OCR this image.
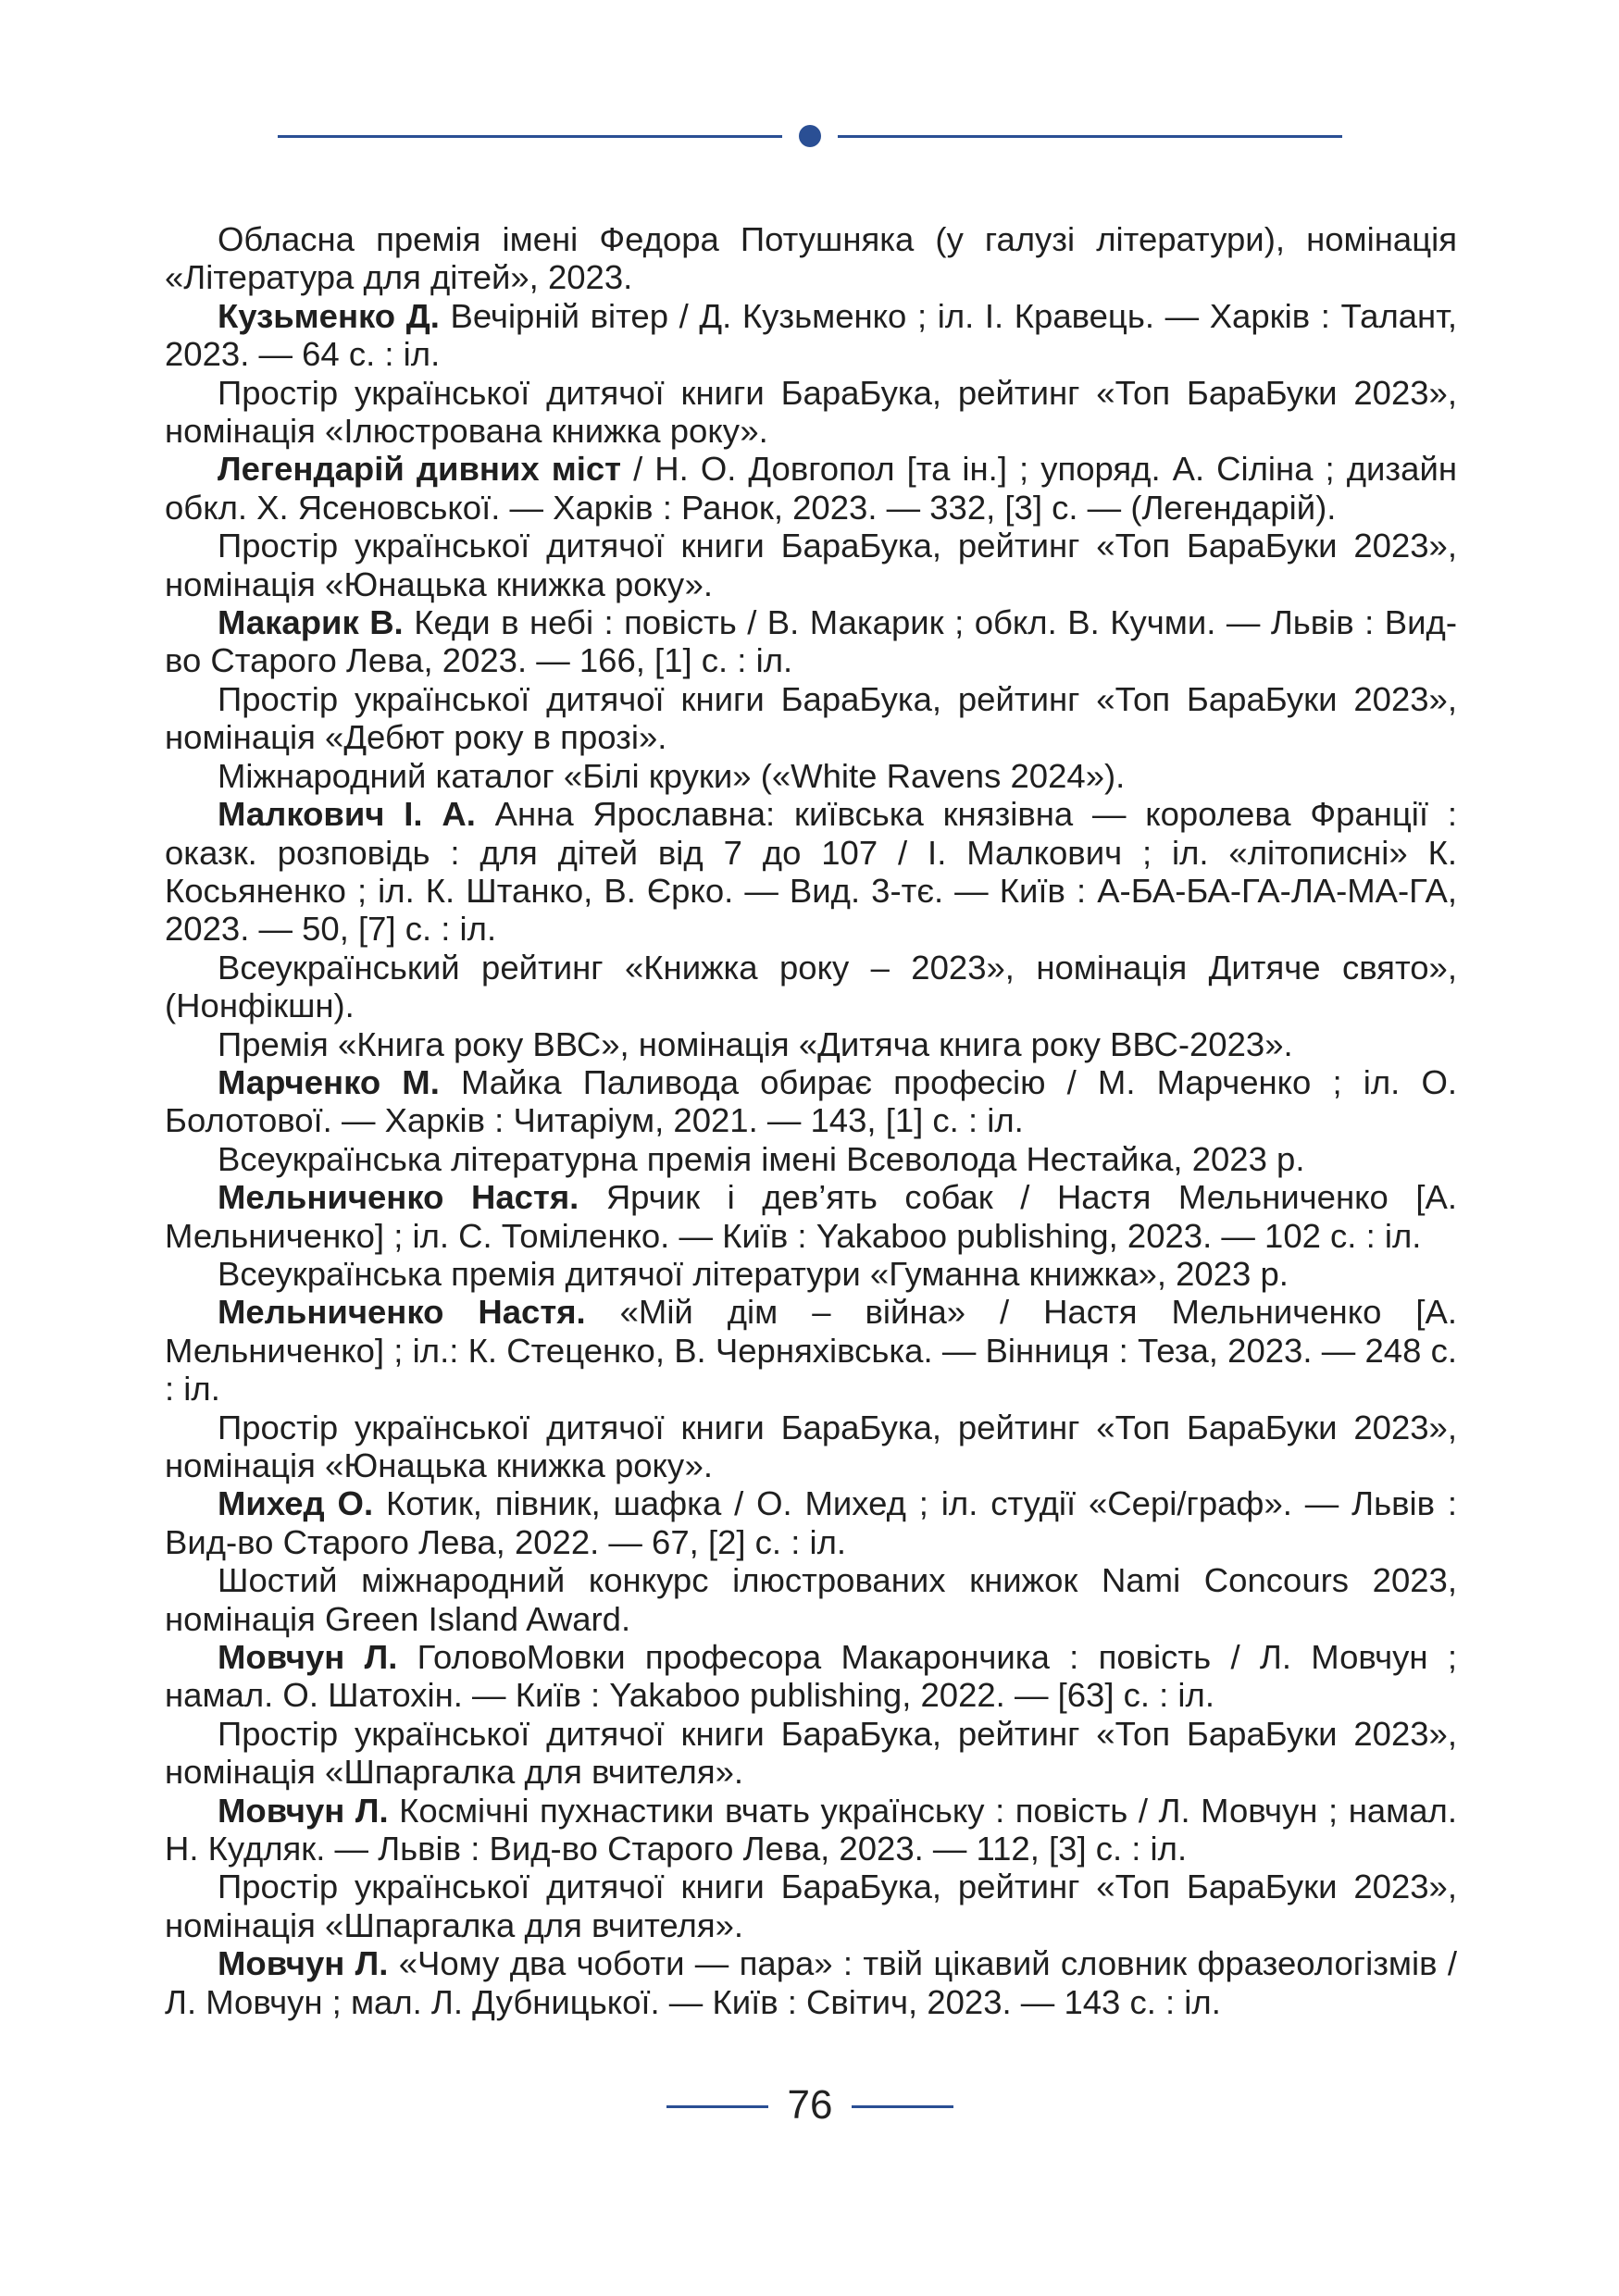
Обласна премія імені Федора Потушняка (у галузі літератури), номінація «Література для дітей», 2023.

Кузьменко Д. Вечірній вітер / Д. Кузьменко ; іл. І. Кравець. — Харків : Талант, 2023. — 64 с. : іл.

Простір української дитячої книги БараБука, рейтинг «Топ БараБуки 2023», номінація «Ілюстрована книжка року».

Легендарій дивних міст / Н. О. Довгопол [та ін.] ; упоряд. А. Сіліна ; дизайн обкл. Х. Ясеновської. — Харків : Ранок, 2023. — 332, [3] с. — (Легендарій).

Простір української дитячої книги БараБука, рейтинг «Топ БараБуки 2023», номінація «Юнацька книжка року».

Макарик В. Кеди в небі : повість / В. Макарик ; обкл. В. Кучми. — Львів : Вид-во Старого Лева, 2023. — 166, [1] с. : іл.

Простір української дитячої книги БараБука, рейтинг «Топ БараБуки 2023», номінація «Дебют року в прозі».

Міжнародний каталог «Білі круки» («White Ravens 2024»).

Малкович І. А. Анна Ярославна: київська князівна — королева Франції : оказк. розповідь : для дітей від 7 до 107 / І. Малкович ; іл. «літописні» К. Косьяненко ; іл. К. Штанко, В. Єрко. — Вид. 3-тє. — Київ : А-БА-БА-ГА-ЛА-МА-ГА, 2023. — 50, [7] с. : іл.

Всеукраїнський рейтинг «Книжка року – 2023», номінація Дитяче свято», (Нонфікшн).

Премія «Книга року ВВС», номінація «Дитяча книга року ВВС-2023».

Марченко М. Майка Паливода обирає професію / М. Марченко ; іл. О. Болотової. — Харків : Читаріум, 2021. — 143, [1] с. : іл.

Всеукраїнська літературна премія імені Всеволода Нестайка, 2023 р.

Мельниченко Настя. Ярчик і дев’ять собак / Настя Мельниченко [А. Мельниченко] ; іл. С. Томіленко. — Київ : Yakaboo publishing, 2023. — 102 с. : іл.

Всеукраїнська премія дитячої літератури «Гуманна книжка», 2023 р.

Мельниченко Настя. «Мій дім – війна» / Настя Мельниченко [А. Мельниченко] ; іл.: К. Стеценко, В. Черняхівська. — Вінниця : Теза, 2023. — 248 с. : іл.

Простір української дитячої книги БараБука, рейтинг «Топ БараБуки 2023», номінація «Юнацька книжка року».

Михед О. Котик, півник, шафка / О. Михед ; іл. студії «Сері/граф». — Львів : Вид-во Старого Лева, 2022. — 67, [2] с. : іл.

Шостий міжнародний конкурс ілюстрованих книжок Nami Concours 2023, номінація Green Island Award.

Мовчун Л. ГоловоМовки професора Макарончика : повість / Л. Мовчун ; намал. О. Шатохін. — Київ : Yakaboo publishing, 2022. — [63] с. : іл.

Простір української дитячої книги БараБука, рейтинг «Топ БараБуки 2023», номінація «Шпаргалка для вчителя».

Мовчун Л. Космічні пухнастики вчать українську : повість / Л. Мовчун ; намал. Н. Кудляк. — Львів : Вид-во Старого Лева, 2023. — 112, [3] с. : іл.

Простір української дитячої книги БараБука, рейтинг «Топ БараБуки 2023», номінація «Шпаргалка для вчителя».

Мовчун Л. «Чому два чоботи — пара» : твій цікавий словник фразеологізмів / Л. Мовчун ; мал. Л. Дубницької. — Київ : Світич, 2023. — 143 с. : іл.

76
